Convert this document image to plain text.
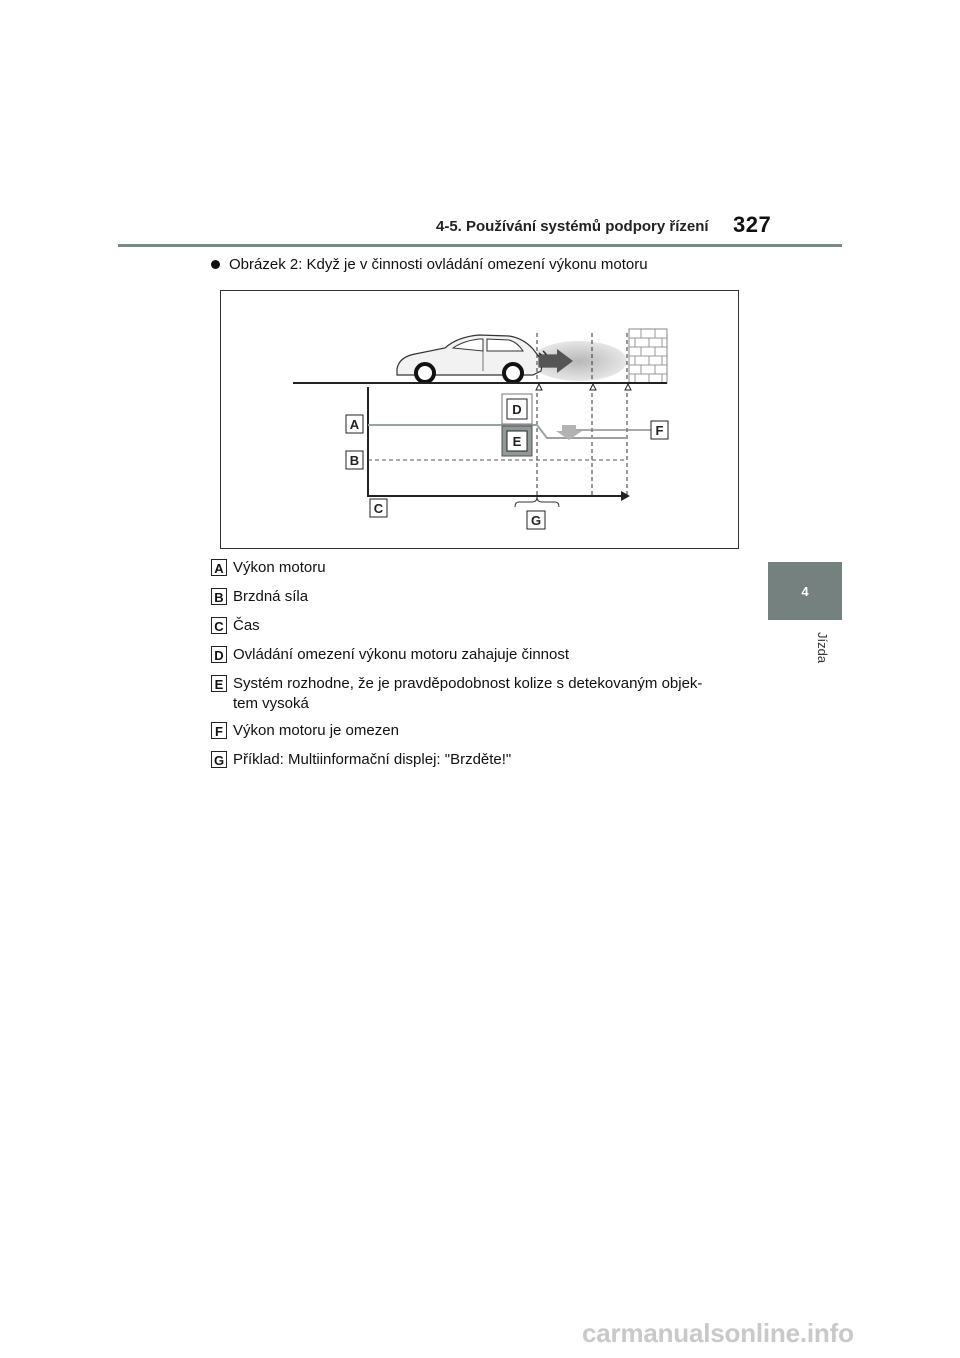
4-5. Používání systémů podpory řízení 327
4
Jízda
Obrázek 2: Když je v činnosti ovládání omezení výkonu motoru
A
B
C
D
E
F
G
A Výkon motoru
B Brzdná síla
C Čas
D Ovládání omezení výkonu motoru zahajuje činnost
E Systém rozhodne, že je pravděpodobnost kolize s detekovaným objek-
tem vysoká
F Výkon motoru je omezen
G Příklad: Multiinformační displej: "Brzděte!"
carmanualsonline.info
